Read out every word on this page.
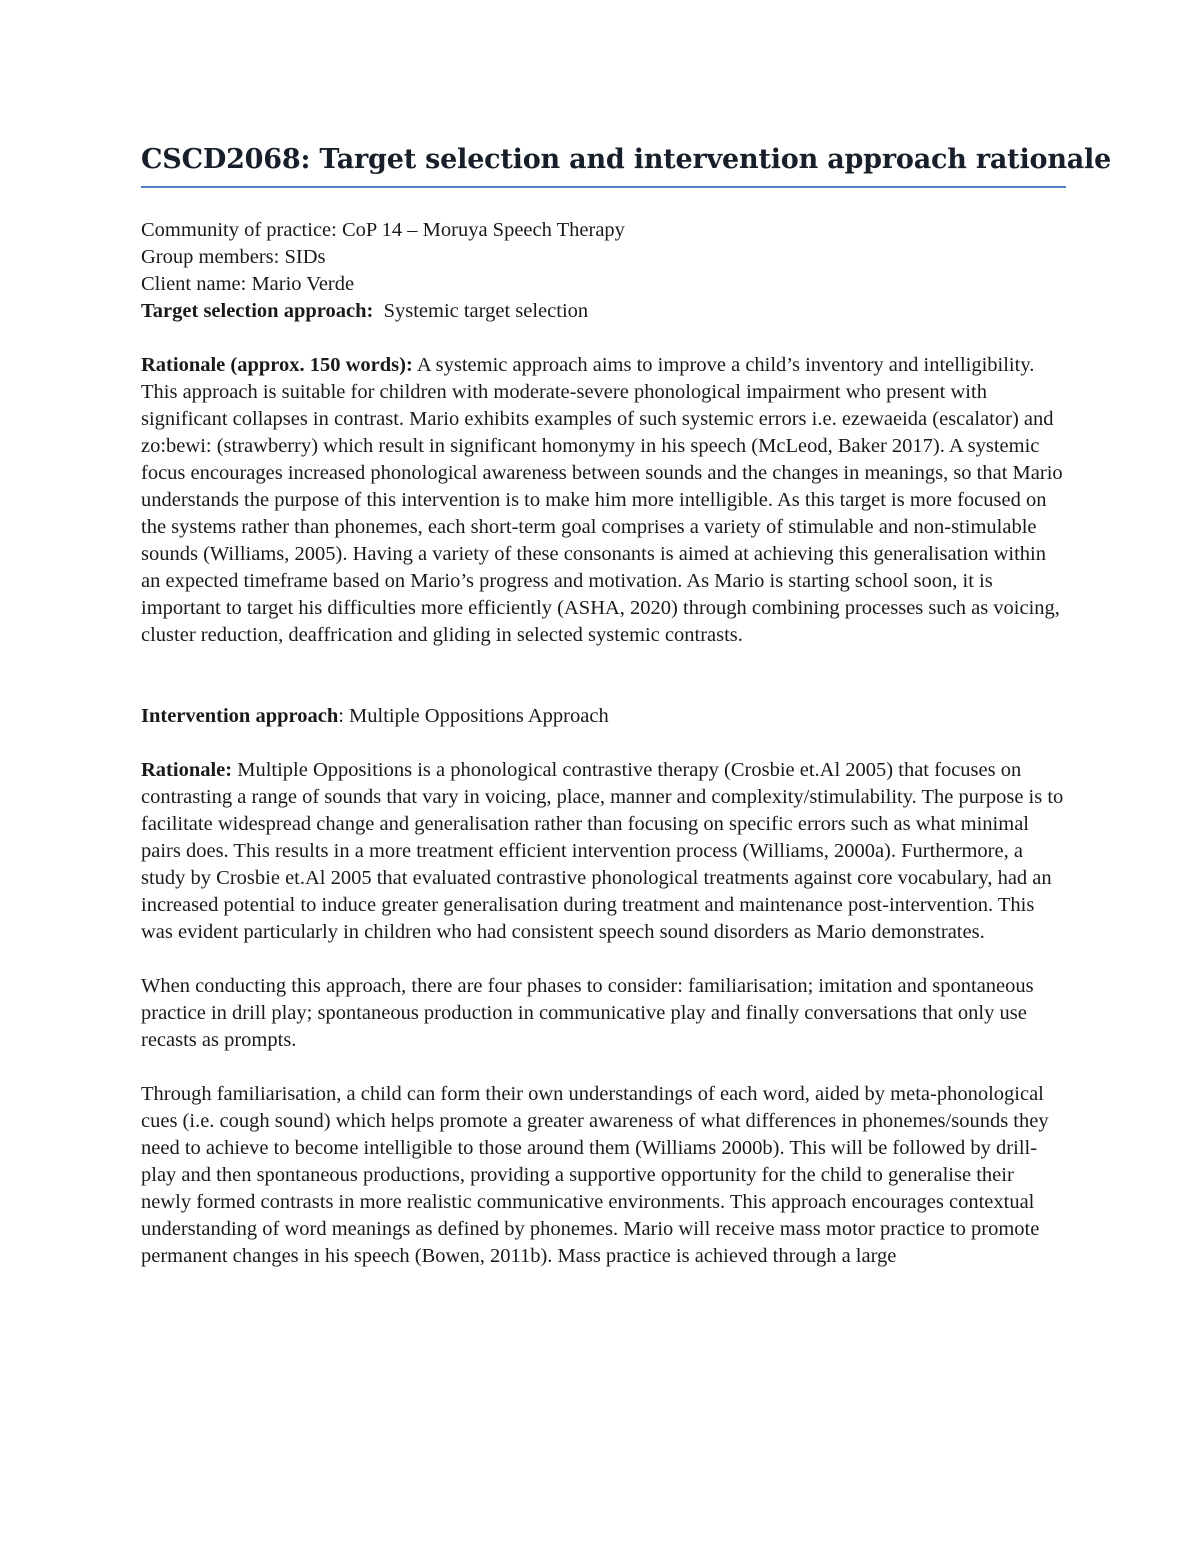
CSCD2068: Target selection and intervention approach rationale
Community of practice: CoP 14 – Moruya Speech Therapy
Group members: SIDs
Client name: Mario Verde
Target selection approach:  Systemic target selection

Rationale (approx. 150 words): A systemic approach aims to improve a child’s inventory and intelligibility. This approach is suitable for children with moderate-severe phonological impairment who present with significant collapses in contrast. Mario exhibits examples of such systemic errors i.e. ezewaeida (escalator) and zo:bewi: (strawberry) which result in significant homonymy in his speech (McLeod, Baker 2017). A systemic focus encourages increased phonological awareness between sounds and the changes in meanings, so that Mario understands the purpose of this intervention is to make him more intelligible. As this target is more focused on the systems rather than phonemes, each short-term goal comprises a variety of stimulable and non-stimulable sounds (Williams, 2005). Having a variety of these consonants is aimed at achieving this generalisation within an expected timeframe based on Mario’s progress and motivation. As Mario is starting school soon, it is important to target his difficulties more efficiently (ASHA, 2020) through combining processes such as voicing, cluster reduction, deaffrication and gliding in selected systemic contrasts.

Intervention approach: Multiple Oppositions Approach

Rationale: Multiple Oppositions is a phonological contrastive therapy (Crosbie et.Al 2005) that focuses on contrasting a range of sounds that vary in voicing, place, manner and complexity/stimulability. The purpose is to facilitate widespread change and generalisation rather than focusing on specific errors such as what minimal pairs does. This results in a more treatment efficient intervention process (Williams, 2000a). Furthermore, a study by Crosbie et.Al 2005 that evaluated contrastive phonological treatments against core vocabulary, had an increased potential to induce greater generalisation during treatment and maintenance post-intervention. This was evident particularly in children who had consistent speech sound disorders as Mario demonstrates.

When conducting this approach, there are four phases to consider: familiarisation; imitation and spontaneous practice in drill play; spontaneous production in communicative play and finally conversations that only use recasts as prompts.

Through familiarisation, a child can form their own understandings of each word, aided by meta-phonological cues (i.e. cough sound) which helps promote a greater awareness of what differences in phonemes/sounds they need to achieve to become intelligible to those around them (Williams 2000b). This will be followed by drill-play and then spontaneous productions, providing a supportive opportunity for the child to generalise their newly formed contrasts in more realistic communicative environments. This approach encourages contextual understanding of word meanings as defined by phonemes. Mario will receive mass motor practice to promote permanent changes in his speech (Bowen, 2011b). Mass practice is achieved through a large
